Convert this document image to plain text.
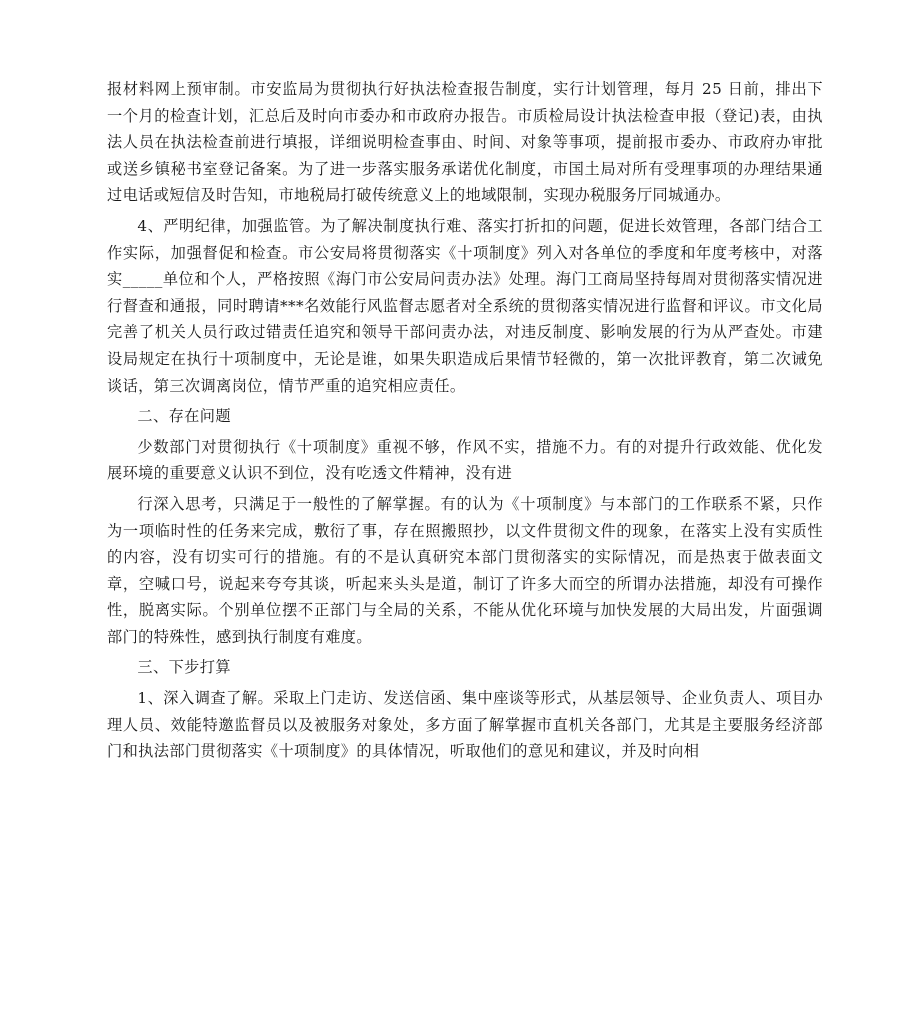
报材料网上预审制。市安监局为贯彻执行好执法检查报告制度，实行计划管理，每月 25 日前，排出下一个月的检查计划，汇总后及时向市委办和市政府办报告。市质检局设计执法检查申报（登记)表，由执法人员在执法检查前进行填报，详细说明检查事由、时间、对象等事项，提前报市委办、市政府办审批或送乡镇秘书室登记备案。为了进一步落实服务承诺优化制度，市国土局对所有受理事项的办理结果通过电话或短信及时告知，市地税局打破传统意义上的地域限制，实现办税服务厅同城通办。

4、严明纪律，加强监管。为了解决制度执行难、落实打折扣的问题，促进长效管理，各部门结合工作实际，加强督促和检查。市公安局将贯彻落实《十项制度》列入对各单位的季度和年度考核中，对落实_____单位和个人，严格按照《海门市公安局问责办法》处理。海门工商局坚持每周对贯彻落实情况进行督查和通报，同时聘请***名效能行风监督志愿者对全系统的贯彻落实情况进行监督和评议。市文化局完善了机关人员行政过错责任追究和领导干部问责办法，对违反制度、影响发展的行为从严查处。市建设局规定在执行十项制度中，无论是谁，如果失职造成后果情节轻微的，第一次批评教育，第二次诫免谈话，第三次调离岗位，情节严重的追究相应责任。

二、存在问题

少数部门对贯彻执行《十项制度》重视不够，作风不实，措施不力。有的对提升行政效能、优化发展环境的重要意义认识不到位，没有吃透文件精神，没有进

行深入思考，只满足于一般性的了解掌握。有的认为《十项制度》与本部门的工作联系不紧，只作为一项临时性的任务来完成，敷衍了事，存在照搬照抄，以文件贯彻文件的现象，在落实上没有实质性的内容，没有切实可行的措施。有的不是认真研究本部门贯彻落实的实际情况，而是热衷于做表面文章，空喊口号，说起来夸夸其谈，听起来头头是道，制订了许多大而空的所谓办法措施，却没有可操作性，脱离实际。个别单位摆不正部门与全局的关系，不能从优化环境与加快发展的大局出发，片面强调部门的特殊性，感到执行制度有难度。

三、下步打算

1、深入调查了解。采取上门走访、发送信函、集中座谈等形式，从基层领导、企业负责人、项目办理人员、效能特邀监督员以及被服务对象处，多方面了解掌握市直机关各部门，尤其是主要服务经济部门和执法部门贯彻落实《十项制度》的具体情况，听取他们的意见和建议，并及时向相
